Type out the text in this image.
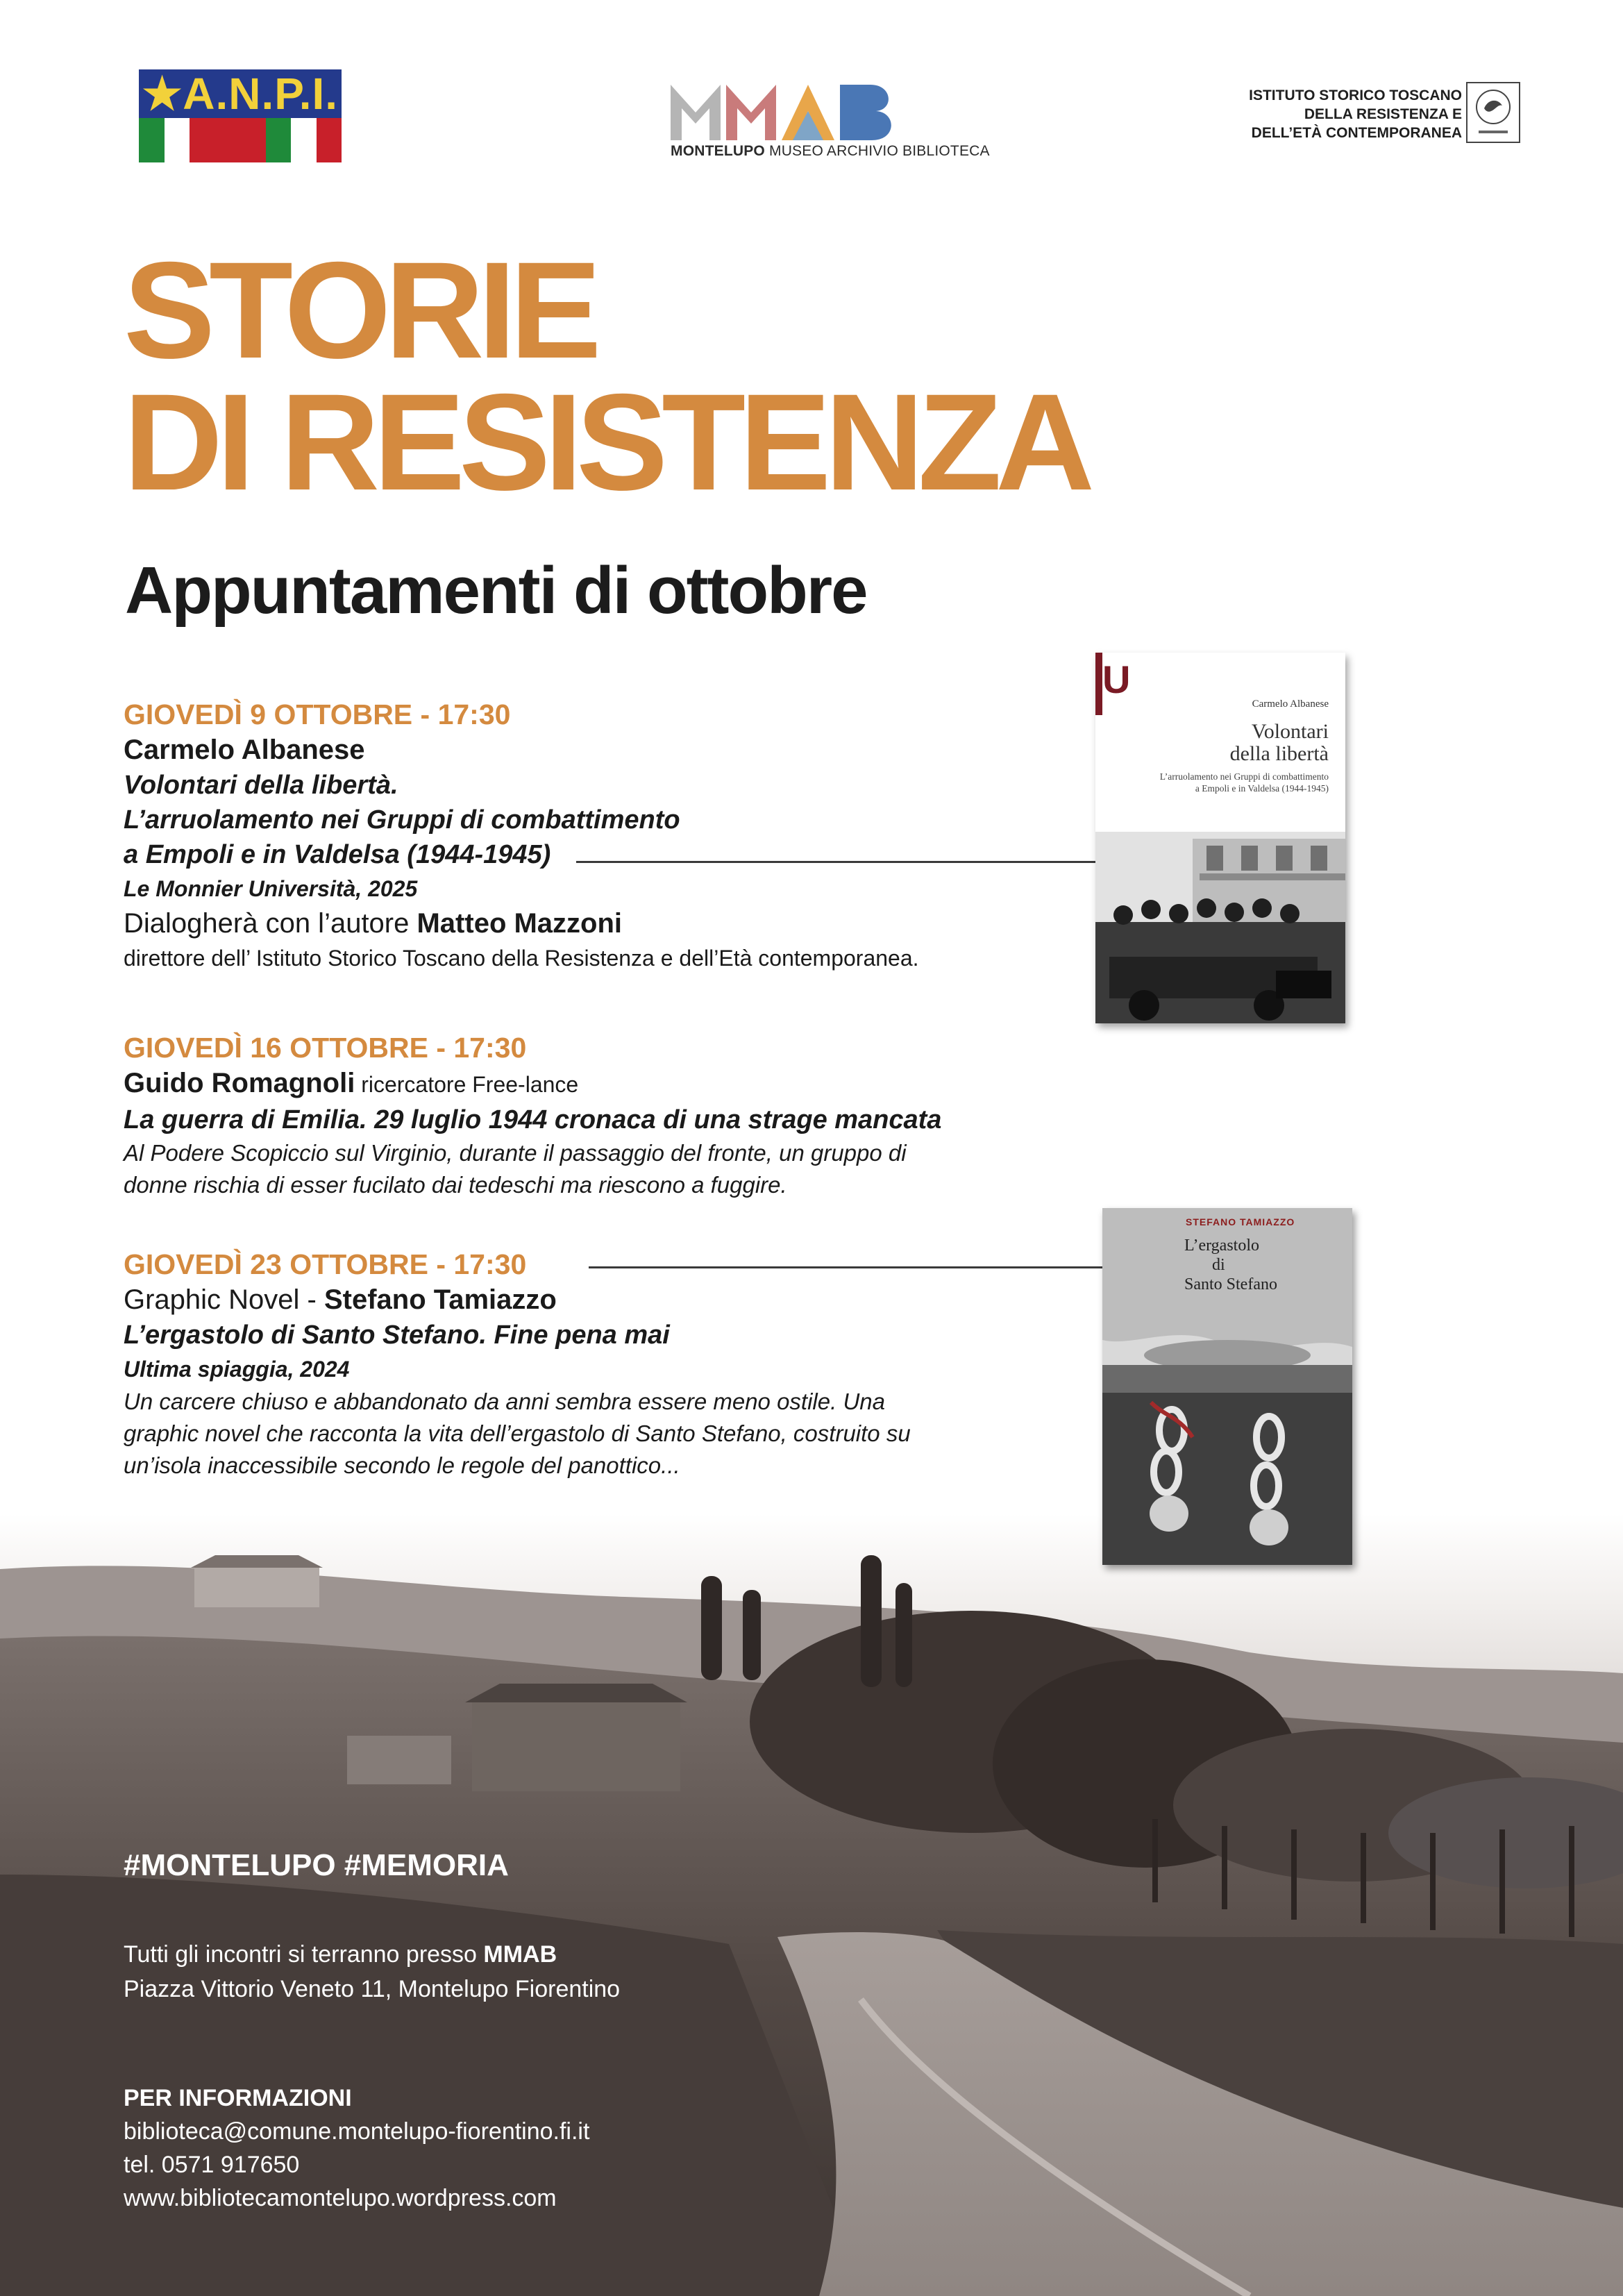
★A.N.P.I.
MONTELUPO MUSEO ARCHIVIO BIBLIOTECA
ISTITUTO STORICO TOSCANO
DELLA RESISTENZA E
DELL’ETÀ CONTEMPORANEA
STORIE
DI RESISTENZA
Appuntamenti di ottobre
GIOVEDÌ 9 OTTOBRE - 17:30
Carmelo Albanese
Volontari della libertà.
L’arruolamento nei Gruppi di combattimento
a Empoli e in Valdelsa (1944-1945)
Le Monnier Università, 2025
Dialogherà con l’autore Matteo Mazzoni
direttore dell’ Istituto Storico Toscano della Resistenza e dell’Età contemporanea.
GIOVEDÌ 16 OTTOBRE - 17:30
Guido Romagnoli ricercatore Free-lance
La guerra di Emilia. 29 luglio 1944 cronaca di una strage mancata
Al Podere Scopiccio sul Virginio, durante il passaggio del fronte, un gruppo di
donne rischia di esser fucilato dai tedeschi ma riescono a fuggire.
GIOVEDÌ 23 OTTOBRE - 17:30
Graphic Novel - Stefano Tamiazzo
L’ergastolo di Santo Stefano. Fine pena mai
Ultima spiaggia, 2024
Un carcere chiuso e abbandonato da anni sembra essere meno ostile. Una
graphic novel che racconta la vita dell’ergastolo di Santo Stefano, costruito su
un’isola inaccessibile secondo le regole del panottico...
U
Carmelo Albanese
Volontari
della libertà
L’arruolamento nei Gruppi di combattimento
a Empoli e in Valdelsa (1944-1945)
STEFANO TAMIAZZO
L’ergastolo
di
Santo Stefano
#MONTELUPO #MEMORIA
Tutti gli incontri si terranno presso MMAB
Piazza Vittorio Veneto 11, Montelupo Fiorentino
PER INFORMAZIONI
biblioteca@comune.montelupo-fiorentino.fi.it
tel. 0571 917650
www.bibliotecamontelupo.wordpress.com
